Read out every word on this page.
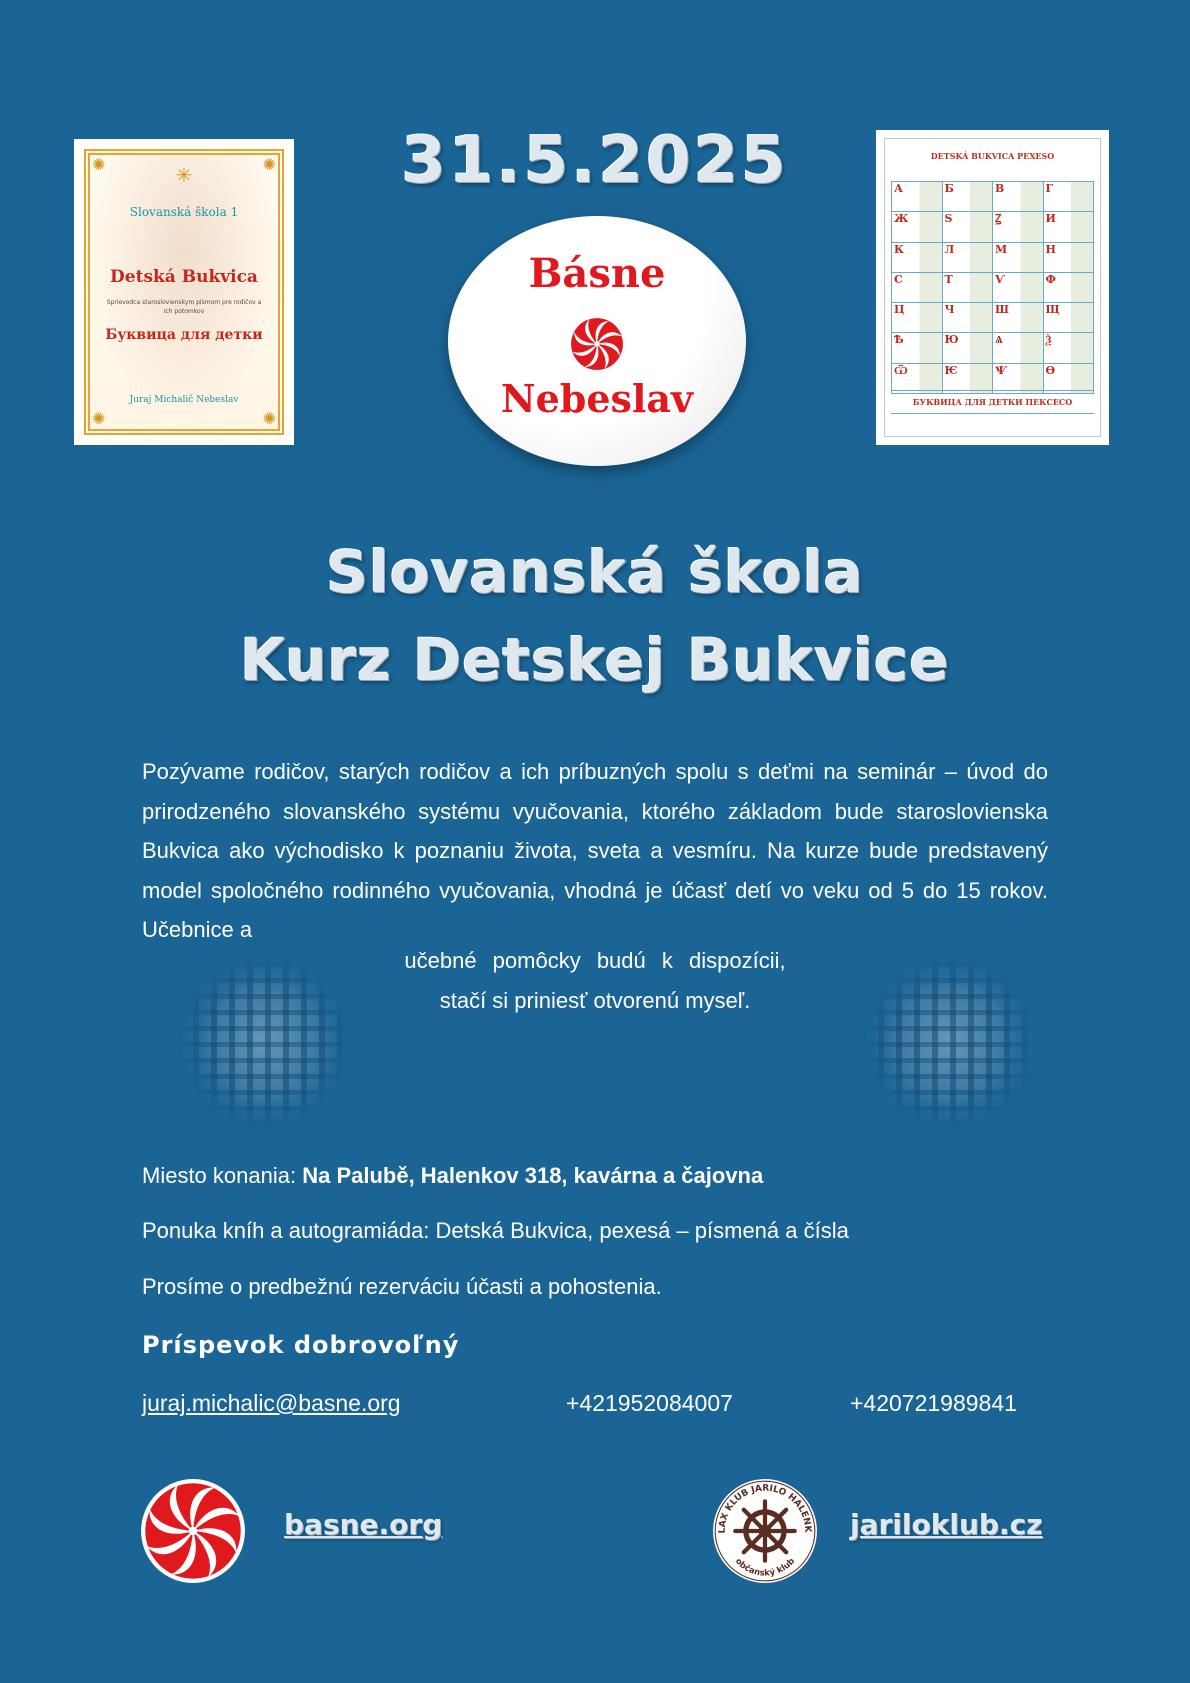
✺	✺
✺	✺
✳
Slovanská škola 1
Detská Bukvica
Sprievodca staroslovienskym písmom pre rodičov a ich potomkov
Буквица для детки
Juraj Michalič Nebeslav
31.5.2025
Básne
Nebeslav
DETSKÁ BUKVICA PEXESO
А	Б	В	Г
Ж	Ѕ	Ꙁ	И
К	Л	М	Н
С	Т	Ѵ	Ф
Ц	Ч	Ш	Щ
Ѣ	Ю	Ѧ	Ѯ
Ѿ	Ѥ	Ѱ	Ѳ
БУКВИЦА ДЛЯ ДЕТКИ ПЕКСЕСО
Slovanská škola
Kurz Detskej Bukvice
Pozývame rodičov, starých rodičov a ich príbuzných spolu s deťmi na seminár – úvod do prirodzeného slovanského systému vyučovania, ktorého základom bude staroslovienska Bukvica ako východisko k poznaniu života, sveta a vesmíru. Na kurze bude predstavený model spoločného rodinného vyučovania, vhodná je účasť detí vo veku od 5 do 15 rokov. Učebnice a
učebné pomôcky budú k dispozícii,
stačí si priniesť otvorenú myseľ.
Miesto konania: Na Palubě, Halenkov 318, kavárna a čajovna
Ponuka kníh a autogramiáda: Detská Bukvica, pexesá – písmená a čísla
Prosíme o predbežnú rezerváciu účasti a pohostenia.
Príspevok dobrovoľný
juraj.michalic@basne.org	+421952084007	+420721989841
basne.org	LAX KLUB JARILO HALENK
občanský klub
jariloklub.cz
